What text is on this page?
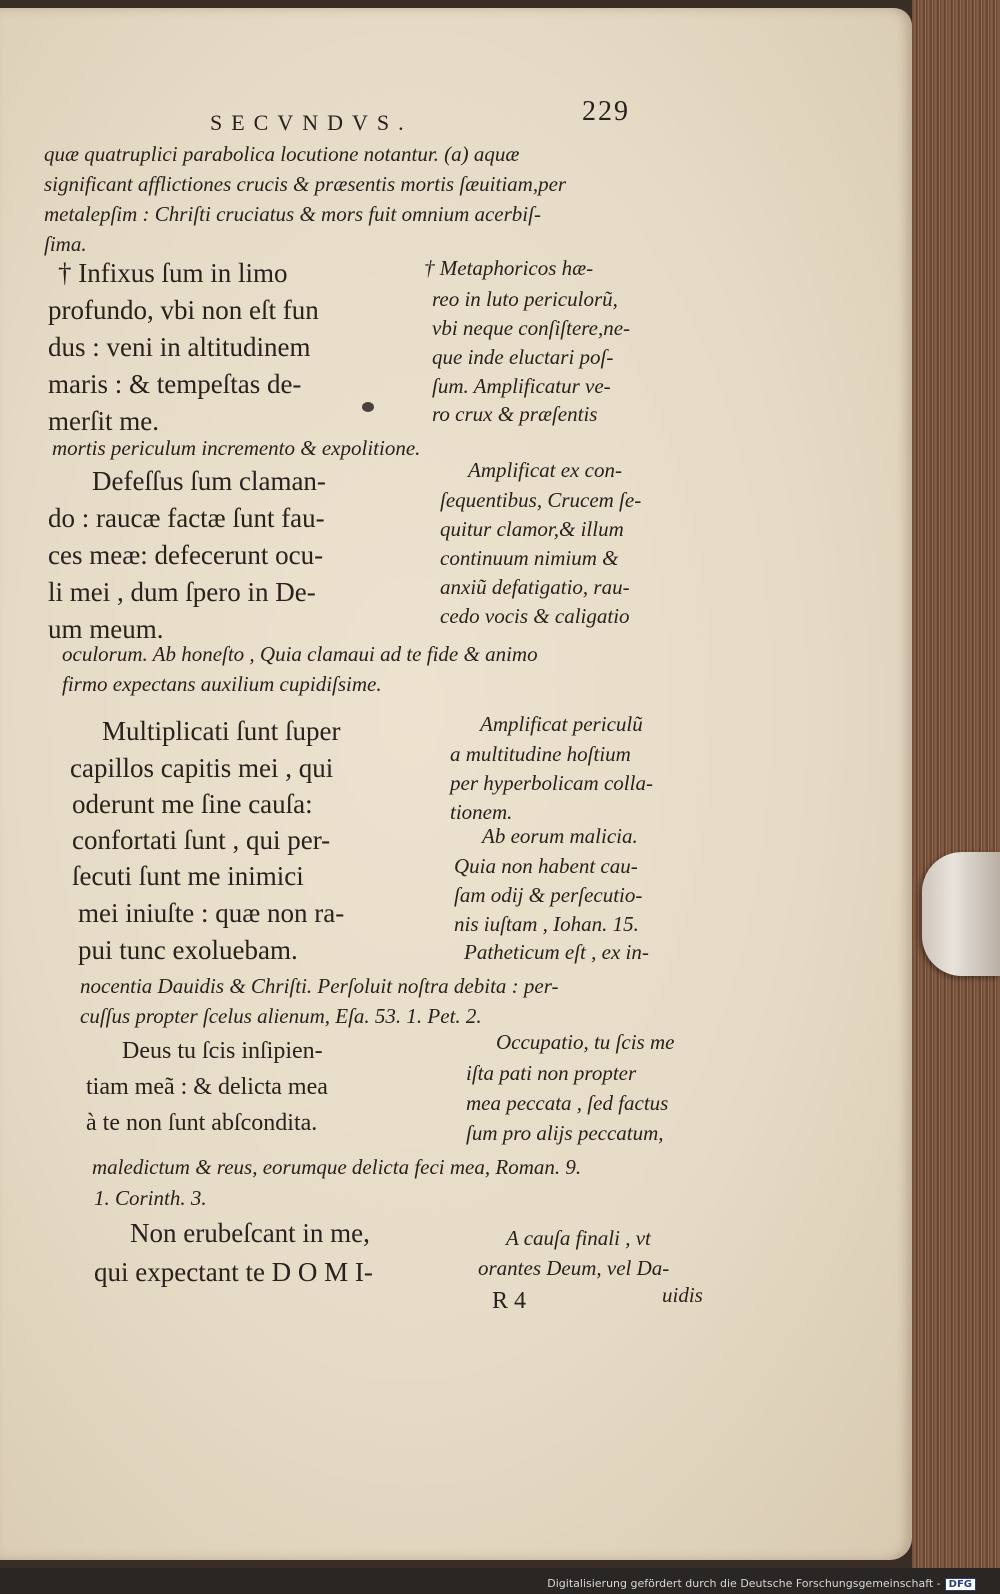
SECVNDVS.	229
quæ quatruplici parabolica locutione notantur. (a) aquæ
significant afflictiones crucis & præsentis mortis ſæuitiam,per
metalepſim : Chriſti cruciatus & mors fuit omnium acerbiſ-
ſima.
† Infixus ſum in limo
profundo, vbi non eſt fun
dus : veni in altitudinem
maris : & tempeſtas de-
merſit me.
† Metaphoricos hæ-
reo in luto periculorũ,
vbi neque conſiſtere,ne-
que inde eluctari poſ-
ſum. Amplificatur ve-
ro crux & præſentis
mortis periculum incremento & expolitione.
Defeſſus ſum claman-
do : raucæ factæ ſunt fau-
ces meæ: defecerunt ocu-
li mei , dum ſpero in De-
um meum.
Amplificat ex con-
ſequentibus, Crucem ſe-
quitur clamor,& illum
continuum nimium &
anxiũ defatigatio, rau-
cedo vocis & caligatio
oculorum. Ab honeſto , Quia clamaui ad te fide & animo
firmo expectans auxilium cupidiſsime.
Multiplicati ſunt ſuper
capillos capitis mei , qui
oderunt me ſine cauſa:
confortati ſunt , qui per-
ſecuti ſunt me inimici
mei iniuſte : quæ non ra-
pui tunc exoluebam.
Amplificat periculũ
a multitudine hoſtium
per hyperbolicam colla-
tionem.
Ab eorum malicia.
Quia non habent cau-
ſam odij & perſecutio-
nis iuſtam , Iohan. 15.
Patheticum eſt , ex in-
nocentia Dauidis & Chriſti. Perſoluit noſtra debita : per-
cuſſus propter ſcelus alienum, Eſa. 53. 1. Pet. 2.
Deus tu ſcis inſipien-
tiam meã : & delicta mea
à te non ſunt abſcondita.
Occupatio, tu ſcis me
iſta pati non propter
mea peccata , ſed factus
ſum pro alijs peccatum,
maledictum & reus, eorumque delicta feci mea, Roman. 9.
1. Corinth. 3.
Non erubeſcant in me,
qui expectant te D O M I-
A cauſa finali , vt
orantes Deum, vel Da-
uidis
R 4
Digitalisierung gefördert durch die Deutsche Forschungsgemeinschaft - DFG
